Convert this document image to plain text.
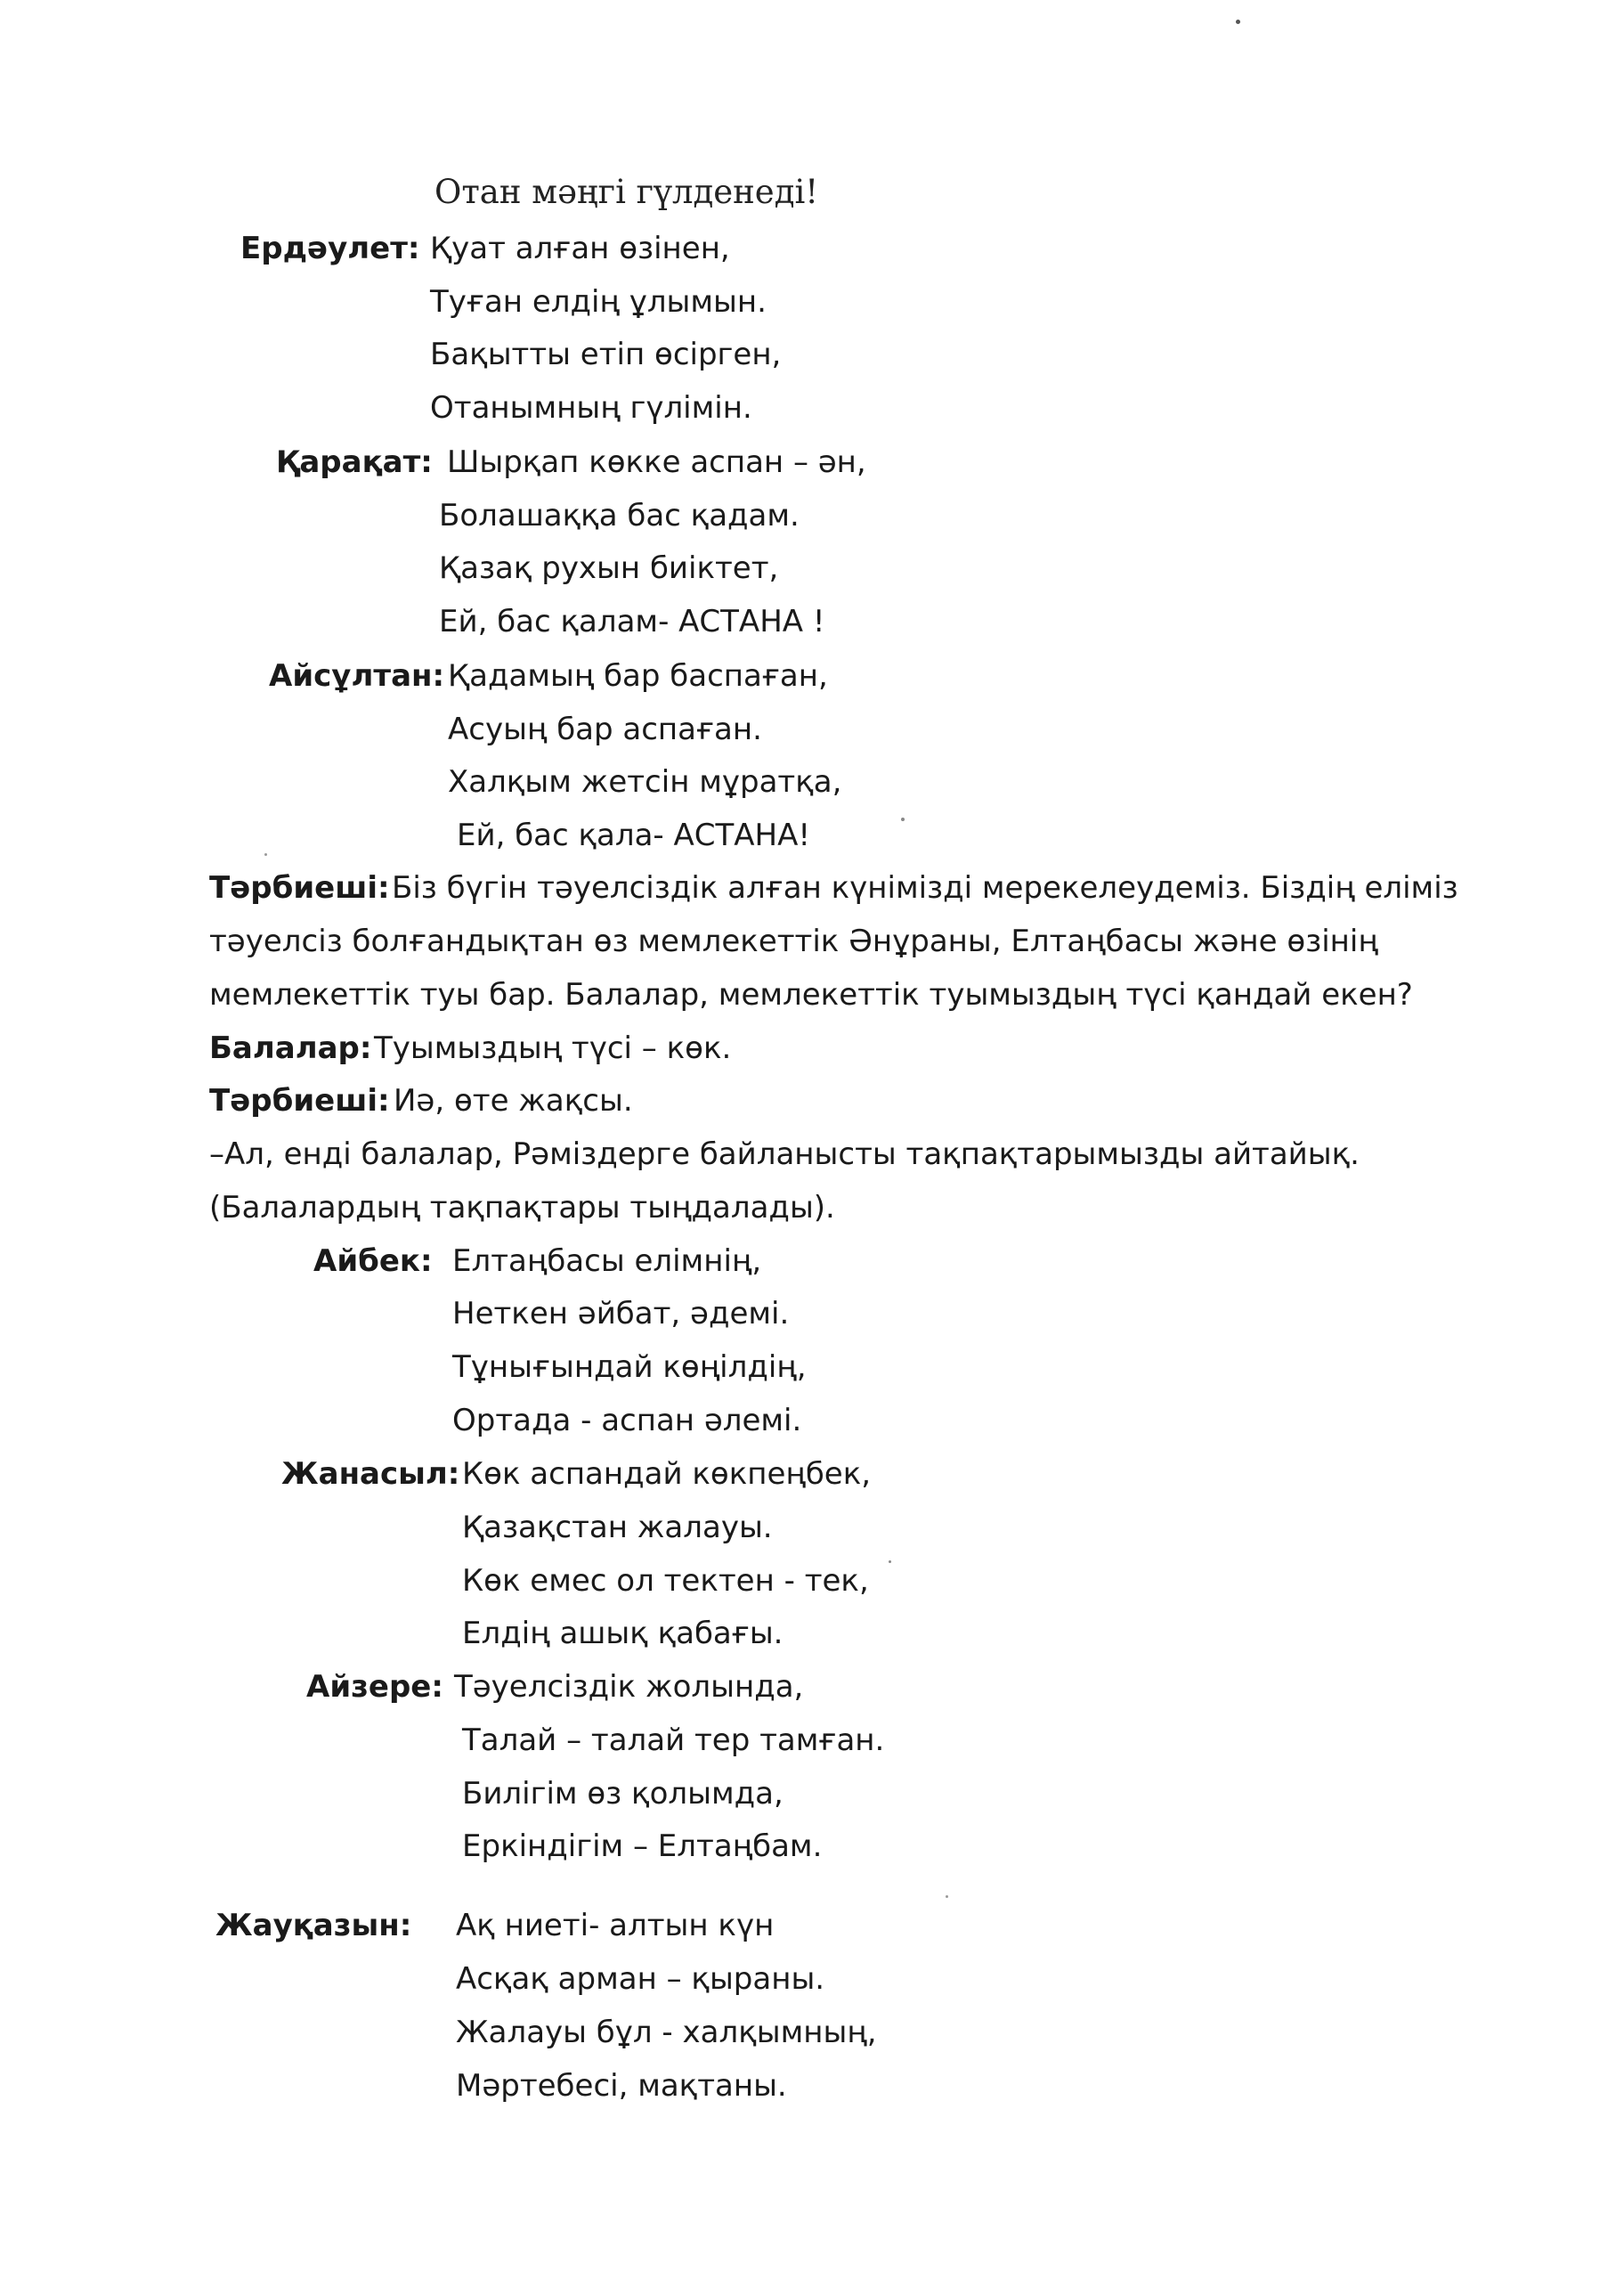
Отан мәңгі гүлденеді!
Ердәулет: Қуат алған өзінен,
Туған елдің ұлымын.
Бақытты етіп өсірген,
Отанымның гүлімін.
Қарақат: Шырқап көкке аспан – ән,
Болашаққа бас қадам.
Қазақ рухын биіктет,
Ей, бас қалам- АСТАНА !
Айсұлтан: Қадамың бар баспаған,
Асуың бар аспаған.
Халқым жетсін мұратқа,
Ей, бас қала- АСТАНА!
Тәрбиеші: Біз бүгін тәуелсіздік алған күнімізді мерекелеудеміз. Біздің еліміз
тәуелсіз болғандықтан өз мемлекеттік Әнұраны, Елтаңбасы және өзінің
мемлекеттік туы бар. Балалар, мемлекеттік туымыздың түсі қандай екен?
Балалар: Туымыздың түсі – көк.
Тәрбиеші: Иә, өте жақсы.
–Ал, енді балалар, Рәміздерге байланысты тақпақтарымызды айтайық.
(Балалардың тақпақтары тыңдалады).
Айбек: Елтаңбасы елімнің,
Неткен әйбат, әдемі.
Тұнығындай көңілдің,
Ортада - аспан әлемі.
Жанасыл: Көк аспандай көкпеңбек,
Қазақстан жалауы.
Көк емес ол тектен - тек,
Елдің ашық қабағы.
Айзере: Тәуелсіздік жолында,
Талай – талай тер тамған.
Билігім өз қолымда,
Еркіндігім – Елтаңбам.
Жауқазын: Ақ ниеті- алтын күн
Асқақ арман – қыраны.
Жалауы бұл - халқымның,
Мәртебесі, мақтаны.
